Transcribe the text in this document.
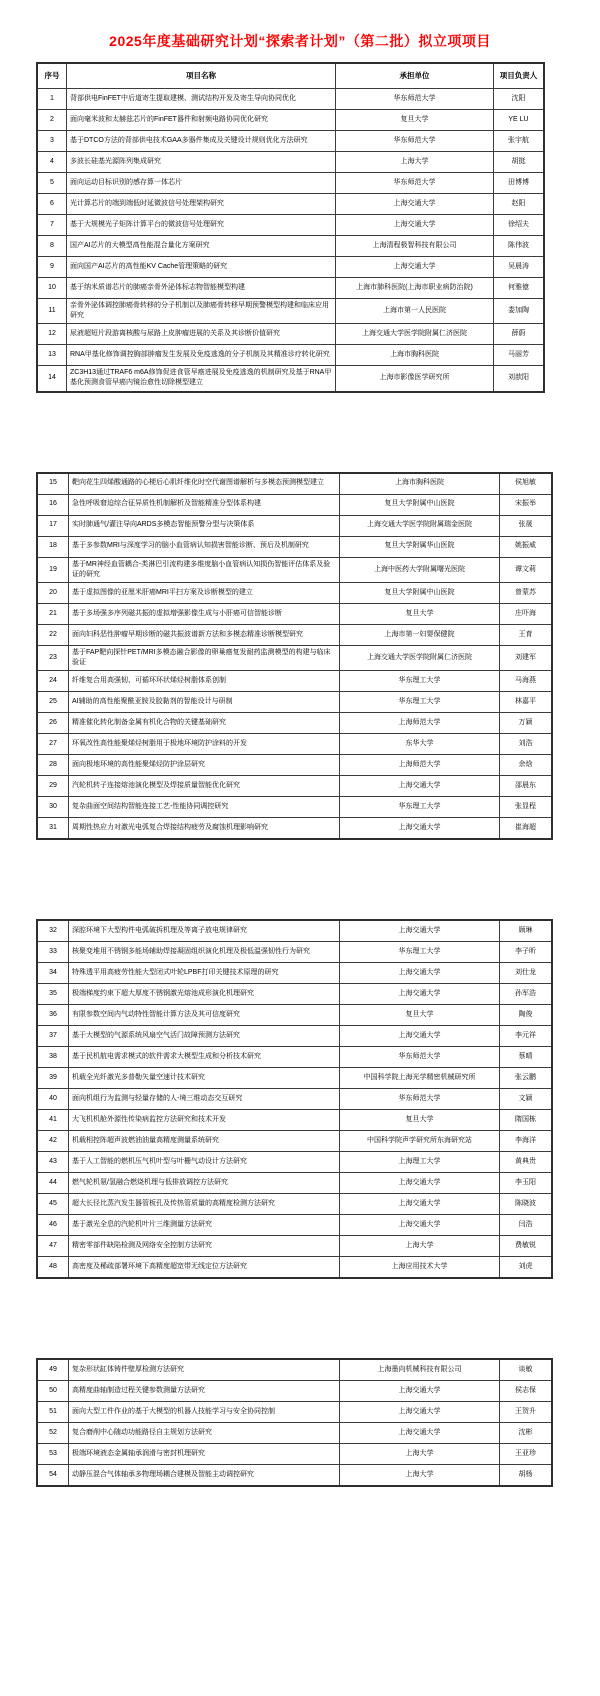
2025年度基础研究计划“探索者计划”（第二批）拟立项项目
序号	项目名称	承担单位	项目负责人
1	背部供电FinFET中后道寄生提取建模、测试结构开发及寄生导向协同优化	华东师范大学	沈阳
2	面向毫米波和太赫兹芯片的FinFET器件和射频电路协同优化研究	复旦大学	YE LU
3	基于DTCO方法的背部供电技术GAA多器件集成及关键设计规则优化方法研究	华东师范大学	张宇航
4	多波长硅基光源阵列集成研究	上海大学	胡挺
5	面向运动目标识别的感存算一体芯片	华东师范大学	田博博
6	光计算芯片的端到端低时延微波信号处理架构研究	上海交通大学	赵阳
7	基于大规模光子矩阵计算平台的微波信号处理研究	上海交通大学	徐绍夫
8	国产AI芯片的大模型高性能混合量化方案研究	上海清程极智科技有限公司	陈伟波
9	面向国产AI芯片的高性能KV Cache管理策略的研究	上海交通大学	吴晨涛
10	基于纳米质谱芯片的肺癌亲骨外泌体标志物智能模型构建	上海市肺科医院(上海市职业病防治院)	何雅億
11	亲骨外泌体调控肺癌骨转移的分子机制以及肺癌骨转移早期预警模型构建和临床应用研究	上海市第一人民医院	娄加陶
12	尿液超短片段游离核酸与尿路上皮肿瘤进展的关系及其诊断价值研究	上海交通大学医学院附属仁济医院	薛蔚
13	RNA甲基化修饰调控胸部肿瘤发生发展及免疫逃逸的分子机制及其精准诊疗转化研究	上海市胸科医院	马丽芳
14	ZC3H13通过TRAF6 m6A修饰促进食管早癌进展及免疫逃逸的机制研究及基于RNA甲基化预测食管早癌内镜治愈性切除模型建立	上海市影像医学研究所	刘歆阳
15	靶向花生四烯酸通路的心梗后心肌纤维化时空代谢图谱解析与多模态预测模型建立	上海市胸科医院	侯旭敏
16	急性呼吸窘迫综合征异质性机制解析及智能精准分型体系构建	复旦大学附属中山医院	宋振举
17	实时肺通气/灌注导向ARDS多模态智能预警分型与决策体系	上海交通大学医学院附属瑞金医院	张晟
18	基于多参数MRI与深度学习的脑小血管病认知损害智能诊断、预后及机制研究	复旦大学附属华山医院	姚振威
19	基于MR神经血管耦合-类淋巴引流构建多维度脑小血管病认知损伤智能评估体系及验证的研究	上海中医药大学附属曙光医院	谭文莉
20	基于虚拟图像的亚厘米肝癌MRI平扫方案及诊断模型的建立	复旦大学附属中山医院	曾蒙苏
21	基于多场强多序列磁共振的虚拟增强影像生成与小肝癌可信智能诊断	复旦大学	庄吓海
22	面向妇科恶性肿瘤早期诊断的磁共振波谱新方法和多模态精准诊断模型研究	上海市第一妇婴保健院	王育
23	基于FAP靶向探针PET/MRI多模态融合影像的卵巢癌复发耐药监测模型的构建与临床验证	上海交通大学医学院附属仁济医院	刘建军
24	纤维复合用高强韧、可循环环状烯烃树脂体系创制	华东理工大学	马海燕
25	AI辅助的高性能聚酰亚胺及胶黏剂的智能设计与研制	华东理工大学	林嘉平
26	精准催化转化制备金属有机化合物的关键基础研究	上海师范大学	万颖
27	环氧改性高性能聚烯烃树脂用于极地环境防护涂料的开发	东华大学	刘浩
28	面向极地环境的高性能聚烯烃防护涂层研究	上海师范大学	余焓
29	汽轮机转子连接熔池演化模型及焊接质量智能优化研究	上海交通大学	邵晨东
30	复杂曲面空间结构智能连接工艺-性能协同调控研究	华东理工大学	张显程
31	周期性热应力对激光电弧复合焊接结构疲劳及腐蚀机理影响研究	上海交通大学	崔海超
32	深腔环境下大型构件电弧破拆机理及等离子放电规律研究	上海交通大学	顾琳
33	核聚变堆用不锈钢多能场辅助焊接凝固组织演化机理及极低温强韧性行为研究	华东理工大学	李子昕
34	特殊透平用高疲劳性能大型闭式叶轮LPBF打印关键技术原理的研究	上海交通大学	刘仕龙
35	极端梯度约束下超大厚度不锈钢激光熔池成形演化机理研究	上海交通大学	孙军浩
36	有限参数空间内气动特性智能计算方法及其可信度研究	复旦大学	陶俊
37	基于大模型的气源系统风扇空气活门故障预测方法研究	上海交通大学	李元祥
38	基于民机航电需求模式的软件需求大模型生成和分析技术研究	华东师范大学	蔡晴
39	机载全光纤激光多普勒矢量空速计技术研究	中国科学院上海光学精密机械研究所	张云鹏
40	面向机组行为监测与轻量存储的人-境三维动态交互研究	华东师范大学	文颖
41	大飞机机舱外源性传染病监控方法研究和技术开发	复旦大学	隋国栋
42	机载相控阵超声波燃油油量高精度测量系统研究	中国科学院声学研究所东海研究站	李海洋
43	基于人工智能的燃机压气机叶型与叶栅气动设计方法研究	上海理工大学	黄典贵
44	燃气轮机氨/氢融合燃烧机理与低排放调控方法研究	上海交通大学	李玉阳
45	超大长径比蒸汽发生器管板孔及传热管质量的高精度检测方法研究	上海交通大学	陈晓波
46	基于激光全息的汽轮机叶片三维测量方法研究	上海交通大学	闫浩
47	精密零部件缺陷检测及网络安全控制方法研究	上海大学	费敏锐
48	高密度及稀疏部署环境下高精度超宽带无线定位方法研究	上海应用技术大学	刘虎
49	复杂形状缸体铸件壁厚检测方法研究	上海墨向机械科技有限公司	谈敏
50	高精度曲轴制造过程关键参数测量方法研究	上海交通大学	侯志保
51	面向大型工件作业的基于大模型的机器人技能学习与安全协同控制	上海交通大学	王贺升
52	复合磨削中心随动功能路径自主规划方法研究	上海交通大学	沈彬
53	极端环境液态金属轴承润滑与密封机理研究	上海大学	王亚珍
54	动静压混合气体轴承多物理场耦合建模及智能主动调控研究	上海大学	胡杨
